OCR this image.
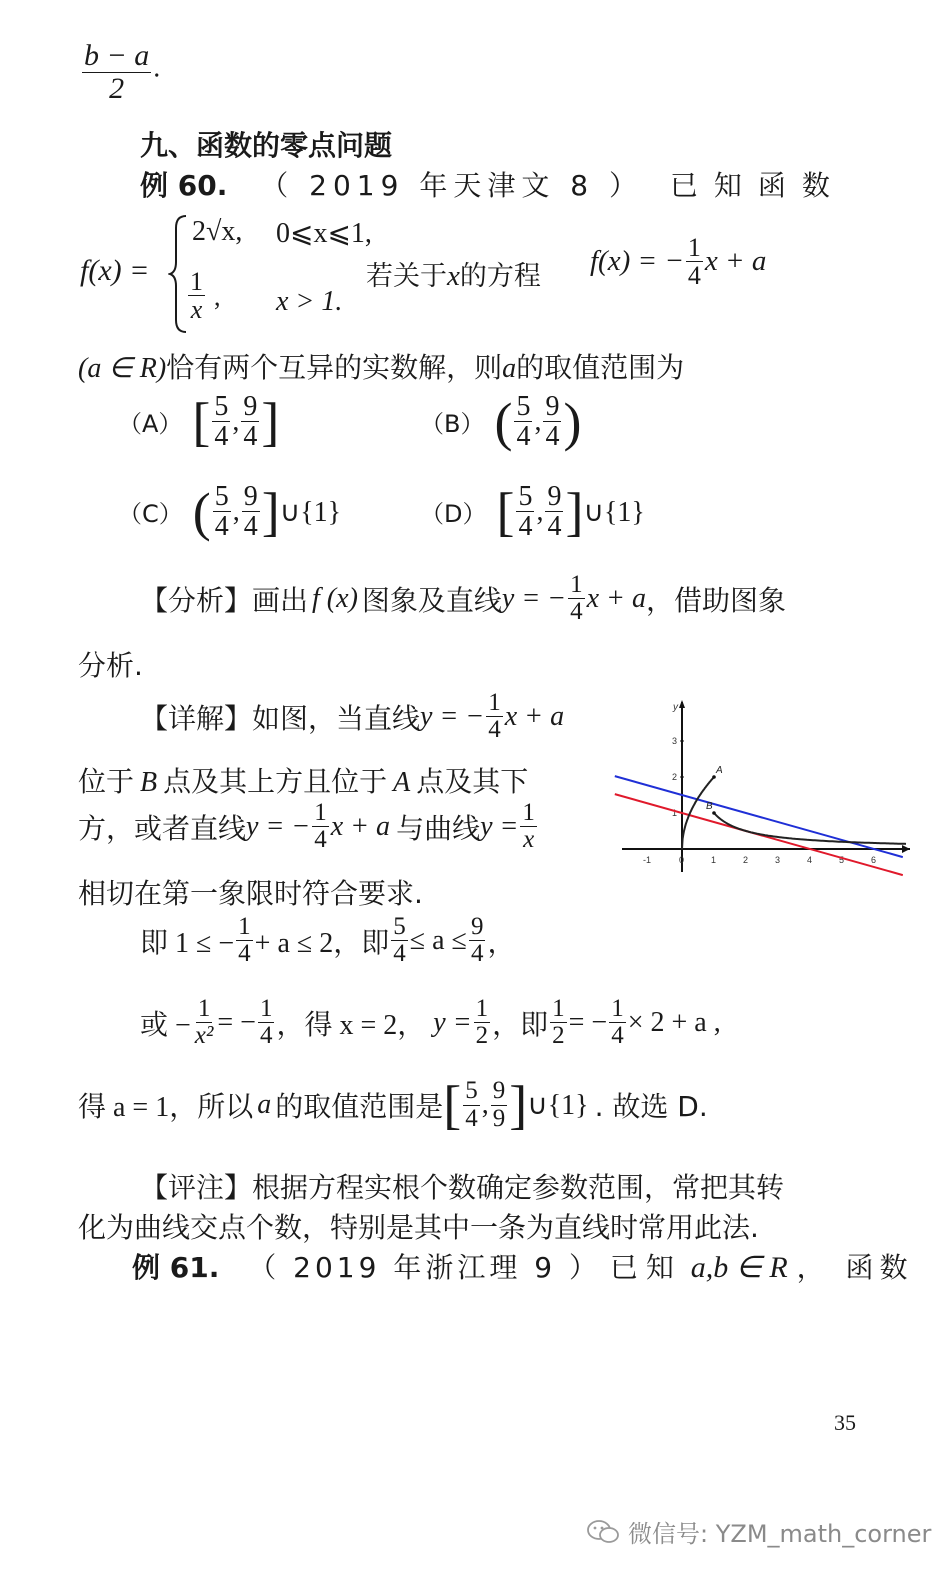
$\frac{b - a}{2}$ .
九、函数的零点问题
例 60. （ 2019 年天津文 8 ） 已知函数
f(x) =
2√x, 0⩽x⩽1,
$\frac{1}{x}$ , x > 1.
若关于x的方程 f(x) = − $\frac{1}{4}$ x + a
(a ∈ R)恰有两个互异的实数解，则a的取值范围为
（A） [ $\frac{5}{4}$ , $\frac{9}{4}$ ]	（B） ( $\frac{5}{4}$ , $\frac{9}{4}$ )
（C） ( $\frac{5}{4}$ , $\frac{9}{4}$ ] ∪{1}	（D） [ $\frac{5}{4}$ , $\frac{9}{4}$ ] ∪{1}
【分析】 画出 f (x) 图象及直线 y = − $\frac{1}{4}$ x + a ，借助图象
分析.
【详解】 如图，当直线 y = − $\frac{1}{4}$ x + a
位于 B 点及其上方且位于 A 点及其下
方，或者直线 y = − $\frac{1}{4}$ x + a 与曲线 $y = \frac{1}{x}$
相切在第一象限时符合要求.
即 1 ≤ − $\frac{1}{4} + a \le 2$，即 $\frac{5}{4} \le a \le \frac{9}{4}$ ，
或 − $\frac{1}{\text{x²}}$ = − $\frac{1}{4}$ ，得 x = 2， $y = \frac{1}{2}$ ，即 $\frac{1}{2}$ = − $\frac{1}{4} \times 2 + a$ ,
得 a = 1，所以 a 的取值范围是 [ $\frac{5}{4}$ , $\frac{9}{9}$ ] ∪{1} . 故选 D.
【评注】根据方程实根个数确定参数范围，常把其转
化为曲线交点个数，特别是其中一条为直线时常用此法.
例 61. （ 2019 年浙江理 9 ） 已知 a,b ∈ R ， 函数
y
-1	0	1	2	3	4	5	6
1
2
3
A
B
35
微信号: YZM_math_corner
